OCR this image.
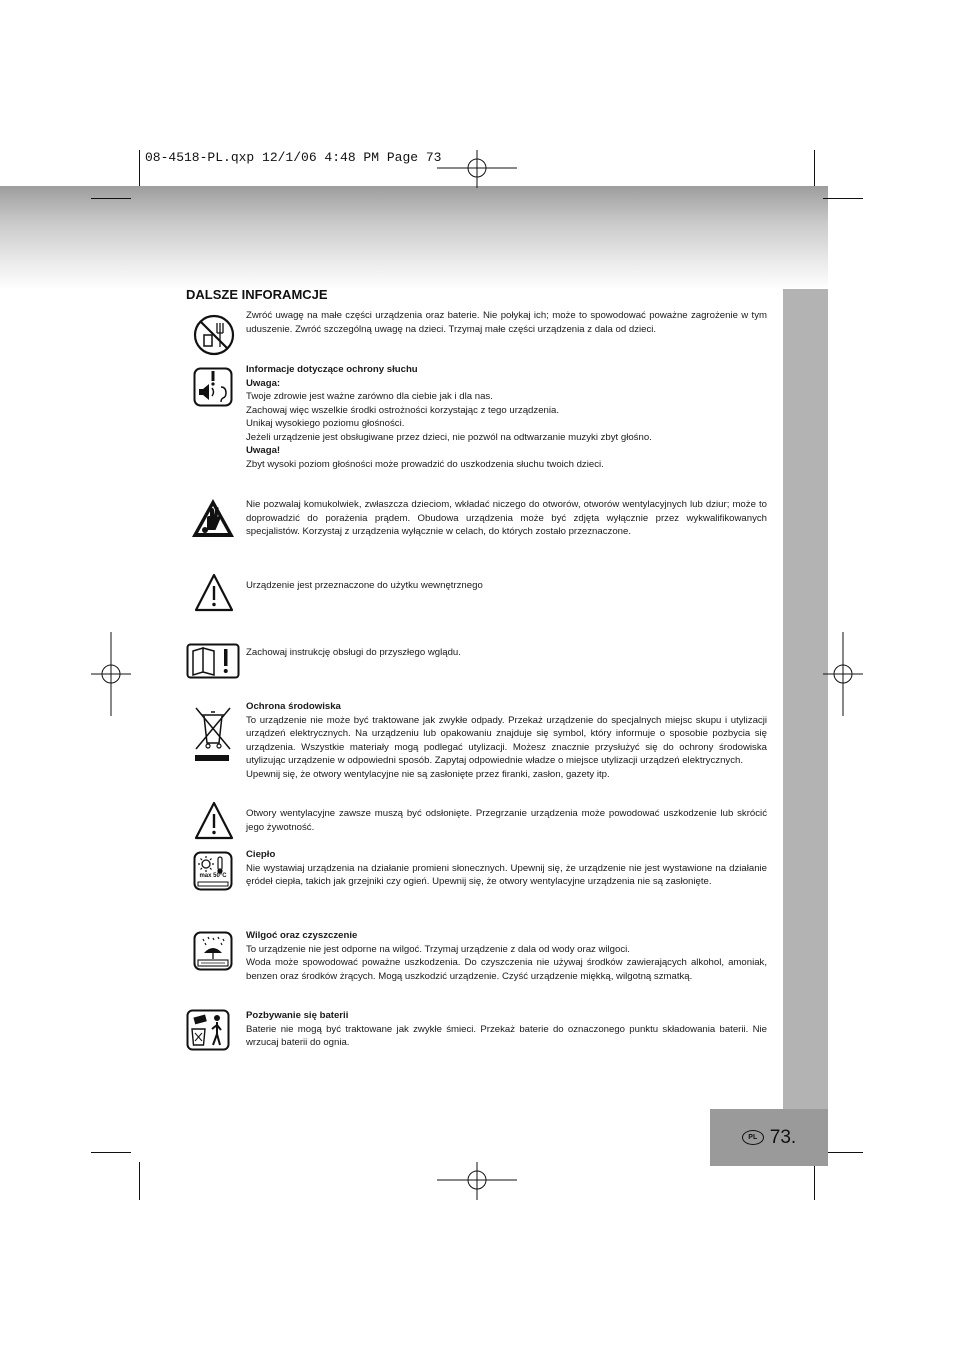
08-4518-PL.qxp 12/1/06 4:48 PM Page 73
DALSZE INFORAMCJE
max 50°C

Zwróć uwagę na małe części urządzenia oraz baterie. Nie połykaj ich; może to spowodować poważne zagrożenie w tym uduszenie. Zwróć szczególną uwagę na dzieci. Trzymaj małe części urządzenia z dala od dzieci.

Informacje dotyczące ochrony słuchu

Uwaga:

Twoje zdrowie jest ważne zarówno dla ciebie jak i dla nas.

Zachowaj więc wszelkie środki ostrożności korzystając z tego urządzenia.

Unikaj wysokiego poziomu głośności.

Jeżeli urządzenie jest obsługiwane przez dzieci, nie pozwól na odtwarzanie muzyki zbyt głośno.

Uwaga!

Zbyt wysoki poziom głośności może prowadzić do uszkodzenia słuchu twoich dzieci.

Nie pozwalaj komukolwiek, zwłaszcza dzieciom, wkładać niczego do otworów, otworów wentylacyjnych lub dziur; może to doprowadzić do porażenia prądem. Obudowa urządzenia może być zdjęta wyłącznie przez wykwalifikowanych specjalistów. Korzystaj z urządzenia wyłącznie w celach, do których zostało przeznaczone.

Urządzenie jest przeznaczone do użytku wewnętrznego

Zachowaj instrukcję obsługi do przyszłego wglądu.

Ochrona środowiska

To urządzenie nie może być traktowane jak zwykłe odpady. Przekaż urządzenie do specjalnych miejsc skupu i utylizacji urządzeń elektrycznych. Na urządzeniu lub opakowaniu znajduje się symbol, który informuje o sposobie pozbycia się urządzenia. Wszystkie materiały mogą podlegać utylizacji. Możesz znacznie przysłużyć się do ochrony środowiska utylizując urządzenie w odpowiedni sposób. Zapytaj odpowiednie władze o miejsce utylizacji urządzeń elektrycznych.

Upewnij się, że otwory wentylacyjne nie są zasłonięte przez firanki, zasłon, gazety itp.

Otwory wentylacyjne zawsze muszą być odsłonięte. Przegrzanie urządzenia może powodować uszkodzenie lub skrócić jego żywotność.

Ciepło

Nie wystawiaj urządzenia na działanie promieni słonecznych. Upewnij się, że urządzenie nie jest wystawione na działanie ęródeł ciepła, takich jak grzejniki czy ogień. Upewnij się, że otwory wentylacyjne urządzenia nie są zasłonięte.

Wilgoć oraz czyszczenie

To urządzenie nie jest odporne na wilgoć. Trzymaj urządzenie z dala od wody oraz wilgoci.

Woda może spowodować poważne uszkodzenia. Do czyszczenia nie używaj środków zawierających alkohol, amoniak, benzen oraz środków żrących. Mogą uszkodzić urządzenie. Czyść urządzenie miękką, wilgotną szmatką.

Pozbywanie się baterii

Baterie nie mogą być traktowane jak zwykłe śmieci. Przekaż baterie do oznaczonego punktu składowania baterii. Nie wrzucaj baterii do ognia.

PL 73.
